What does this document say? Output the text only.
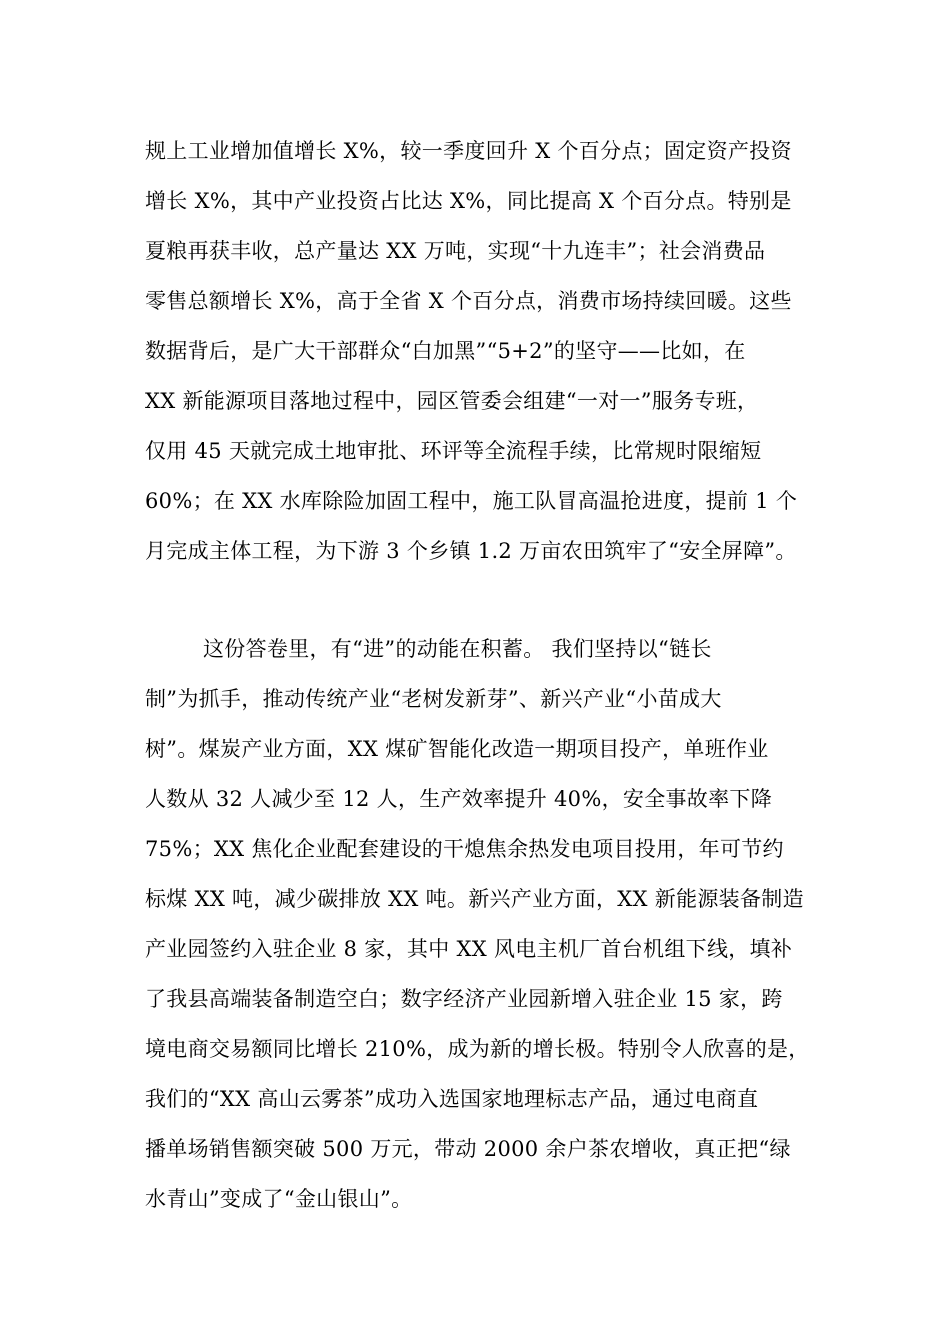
规上工业增加值增长 X%，较一季度回升 X 个百分点；固定资产投资
增长 X%，其中产业投资占比达 X%，同比提高 X 个百分点。特别是
夏粮再获丰收，总产量达 XX 万吨，实现“十九连丰”；社会消费品
零售总额增长 X%，高于全省 X 个百分点，消费市场持续回暖。这些
数据背后，是广大干部群众“白加黑”“5+2”的坚守——比如，在
XX 新能源项目落地过程中，园区管委会组建“一对一”服务专班，
仅用 45 天就完成土地审批、环评等全流程手续，比常规时限缩短
60%；在 XX 水库除险加固工程中，施工队冒高温抢进度，提前 1 个
月完成主体工程，为下游 3 个乡镇 1.2 万亩农田筑牢了“安全屏障”。
这份答卷里，有“进”的动能在积蓄。 我们坚持以“链长
制”为抓手，推动传统产业“老树发新芽”、新兴产业“小苗成大
树”。煤炭产业方面，XX 煤矿智能化改造一期项目投产，单班作业
人数从 32 人减少至 12 人，生产效率提升 40%，安全事故率下降
75%；XX 焦化企业配套建设的干熄焦余热发电项目投用，年可节约
标煤 XX 吨，减少碳排放 XX 吨。新兴产业方面，XX 新能源装备制造
产业园签约入驻企业 8 家，其中 XX 风电主机厂首台机组下线，填补
了我县高端装备制造空白；数字经济产业园新增入驻企业 15 家，跨
境电商交易额同比增长 210%，成为新的增长极。特别令人欣喜的是，
我们的“XX 高山云雾茶”成功入选国家地理标志产品，通过电商直
播单场销售额突破 500 万元，带动 2000 余户茶农增收，真正把“绿
水青山”变成了“金山银山”。
